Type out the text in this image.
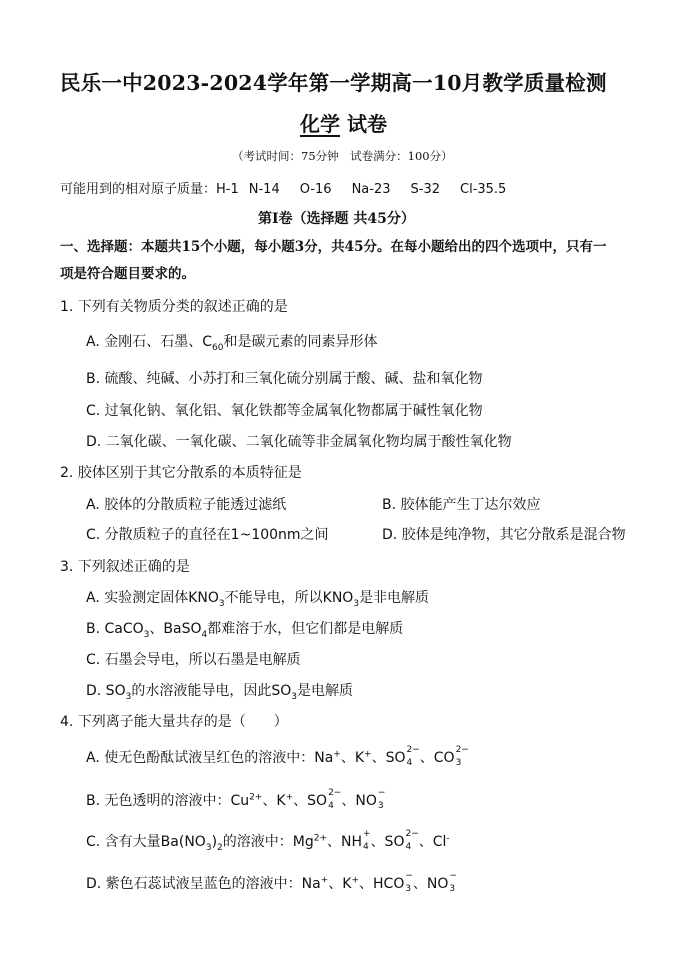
民乐一中2023-2024学年第一学期高一10月教学质量检测
化学 试卷
（考试时间：75分钟　试卷满分：100分）
可能用到的相对原子质量：H-1 N-14 O-16 Na-23 S-32 Cl-35.5
第Ⅰ卷（选择题 共45分）
一、选择题：本题共15个小题，每小题3分，共45分。在每小题给出的四个选项中，只有一
项是符合题目要求的。
1. 下列有关物质分类的叙述正确的是
A. 金刚石、石墨、$C_{60}$和是碳元素的同素异形体
B. 硫酸、纯碱、小苏打和三氧化硫分别属于酸、碱、盐和氧化物
C. 过氧化钠、氧化铝、氧化铁都等金属氧化物都属于碱性氧化物
D. 二氧化碳、一氧化碳、二氧化硫等非金属氧化物均属于酸性氧化物
2. 胶体区别于其它分散系的本质特征是
A. 胶体的分散质粒子能透过滤纸	B. 胶体能产生丁达尔效应
C. 分散质粒子的直径在1~100nm之间	D. 胶体是纯净物，其它分散系是混合物
3. 下列叙述正确的是
A. 实验测定固体$KNO_3$不能导电，所以$KNO_3$是非电解质
B. CaCO$_3$、BaSO$_4$都难溶于水，但它们都是电解质
C. 石墨会导电，所以石墨是电解质
D. $SO_3$的水溶液能导电，因此$SO_3$是电解质
4. 下列离子能大量共存的是（　　）
A. 使无色酚酞试液呈红色的溶液中：Na+、K+、SO 2−
4 、CO 2−
3
B. 无色透明的溶液中：$Cu^{2+}$、K+、SO 2−
4 、NO −
3
C. 含有大量$Ba(NO_3)_2$的溶液中：$Mg^{2+}$、NH +
4 、SO 2−
4 、Cl-
D. 紫色石蕊试液呈蓝色的溶液中：Na+、K+、HCO −
3 、NO −
3
